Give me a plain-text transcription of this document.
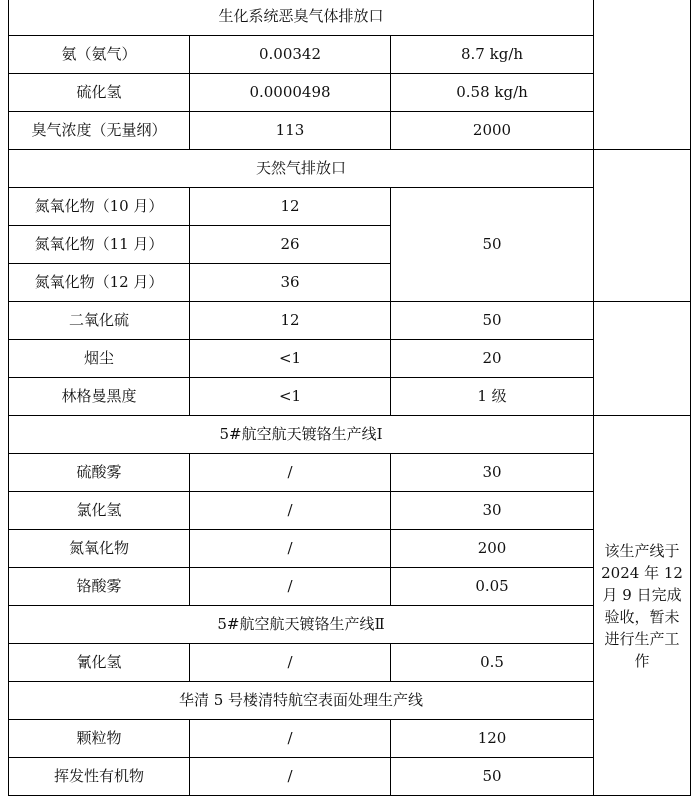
生化系统恶臭气体排放口			
氨（氨气）	0.00342	8.7 kg/h	
硫化氢	0.0000498	0.58 kg/h	
臭气浓度（无量纲）	113	2000	
天然气排放口			
氮氧化物（10 月）	12	50	
氮氧化物（11 月）	26		
氮氧化物（12 月）	36		
二氧化硫	12	50	
烟尘	<1	20	
林格曼黑度	<1	1 级	
5#航空航天镀铬生产线Ⅰ			该生产线于 2024 年 12 月 9 日完成验收，暂未进行生产工作
硫酸雾	/	30	
氯化氢	/	30	
氮氧化物	/	200	
铬酸雾	/	0.05	
5#航空航天镀铬生产线Ⅱ			
氰化氢	/	0.5	
华清 5 号楼清特航空表面处理生产线			
颗粒物	/	120	
挥发性有机物	/	50	
